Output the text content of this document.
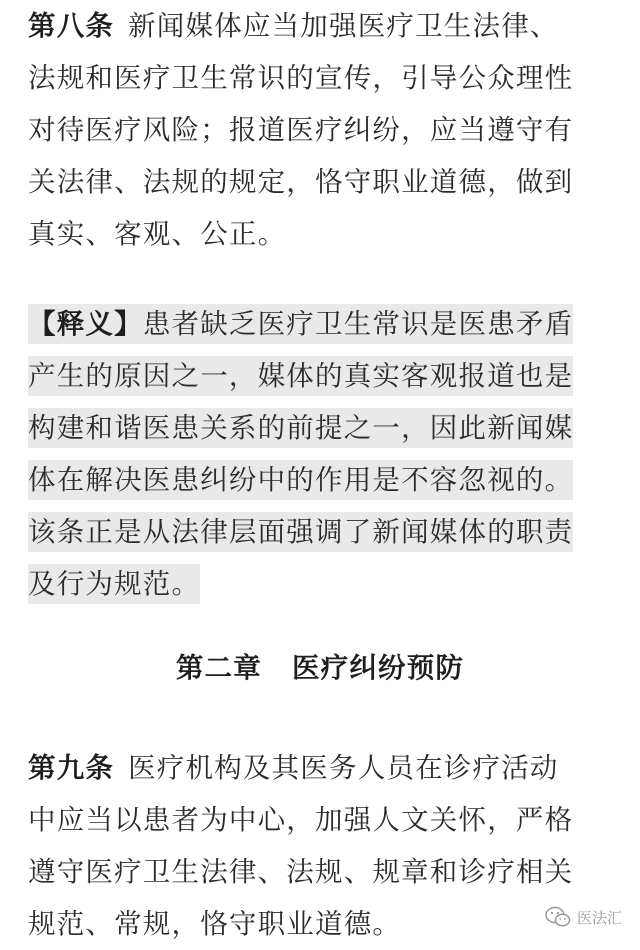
第八条 新闻媒体应当加强医疗卫生法律、
法规和医疗卫生常识的宣传，引导公众理性
对待医疗风险；报道医疗纠纷，应当遵守有
关法律、法规的规定，恪守职业道德，做到
真实、客观、公正。
【释义】患者缺乏医疗卫生常识是医患矛盾
产生的原因之一，媒体的真实客观报道也是
构建和谐医患关系的前提之一，因此新闻媒
体在解决医患纠纷中的作用是不容忽视的。
该条正是从法律层面强调了新闻媒体的职责
及行为规范。
第二章 医疗纠纷预防
第九条 医疗机构及其医务人员在诊疗活动
中应当以患者为中心，加强人文关怀，严格
遵守医疗卫生法律、法规、规章和诊疗相关
规范、常规，恪守职业道德。	医法汇
